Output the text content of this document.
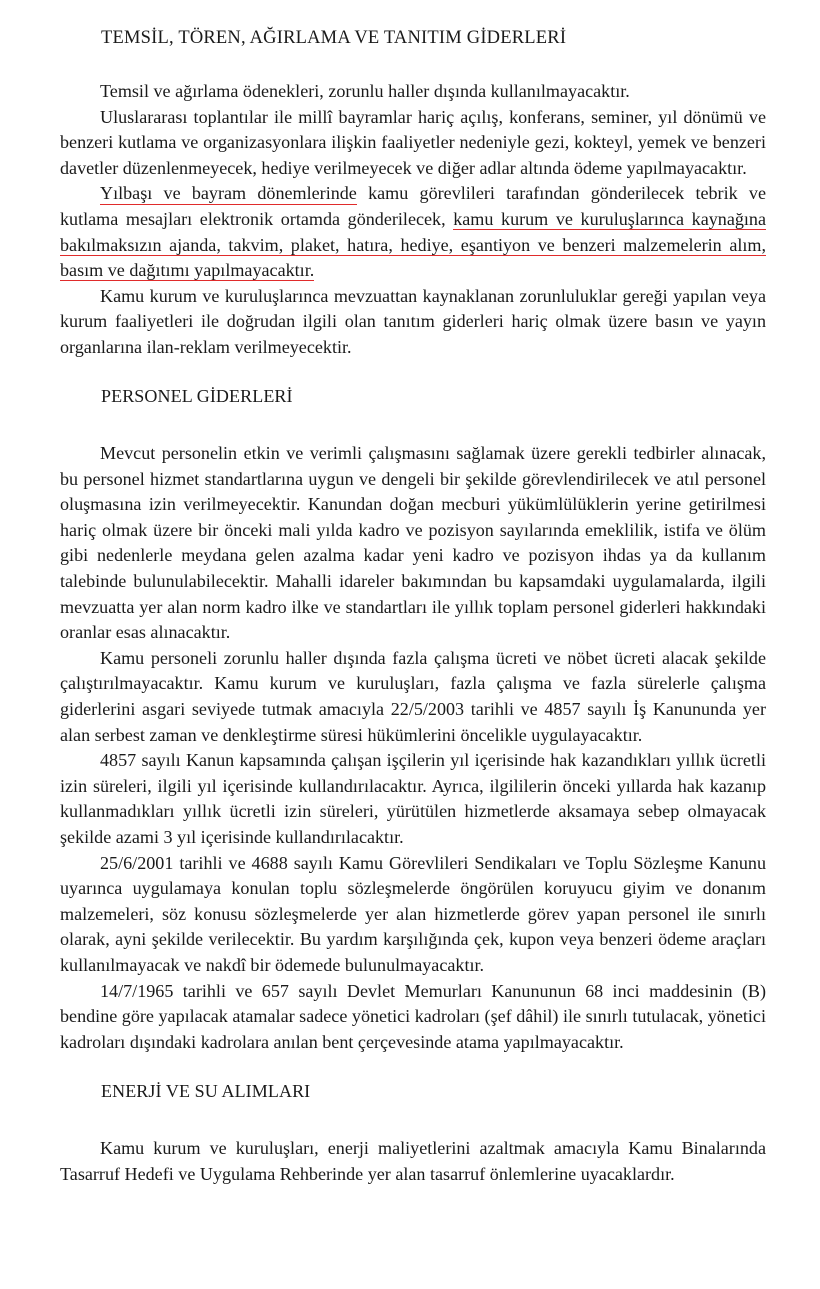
TEMSİL, TÖREN, AĞIRLAMA VE TANITIM GİDERLERİ

Temsil ve ağırlama ödenekleri, zorunlu haller dışında kullanılmayacaktır.

Uluslararası toplantılar ile millî bayramlar hariç açılış, konferans, seminer, yıl dönümü ve benzeri kutlama ve organizasyonlara ilişkin faaliyetler nedeniyle gezi, kokteyl, yemek ve benzeri davetler düzenlenmeyecek, hediye verilmeyecek ve diğer adlar altında ödeme yapılmayacaktır.

Yılbaşı ve bayram dönemlerinde kamu görevlileri tarafından gönderilecek tebrik ve kutlama mesajları elektronik ortamda gönderilecek, kamu kurum ve kuruluşlarınca kaynağına bakılmaksızın ajanda, takvim, plaket, hatıra, hediye, eşantiyon ve benzeri malzemelerin alım, basım ve dağıtımı yapılmayacaktır.

Kamu kurum ve kuruluşlarınca mevzuattan kaynaklanan zorunluluklar gereği yapılan veya kurum faaliyetleri ile doğrudan ilgili olan tanıtım giderleri hariç olmak üzere basın ve yayın organlarına ilan-reklam verilmeyecektir.

PERSONEL GİDERLERİ

Mevcut personelin etkin ve verimli çalışmasını sağlamak üzere gerekli tedbirler alınacak, bu personel hizmet standartlarına uygun ve dengeli bir şekilde görevlendirilecek ve atıl personel oluşmasına izin verilmeyecektir. Kanundan doğan mecburi yükümlülüklerin yerine getirilmesi hariç olmak üzere bir önceki mali yılda kadro ve pozisyon sayılarında emeklilik, istifa ve ölüm gibi nedenlerle meydana gelen azalma kadar yeni kadro ve pozisyon ihdas ya da kullanım talebinde bulunulabilecektir. Mahalli idareler bakımından bu kapsamdaki uygulamalarda, ilgili mevzuatta yer alan norm kadro ilke ve standartları ile yıllık toplam personel giderleri hakkındaki oranlar esas alınacaktır.

Kamu personeli zorunlu haller dışında fazla çalışma ücreti ve nöbet ücreti alacak şekilde çalıştırılmayacaktır. Kamu kurum ve kuruluşları, fazla çalışma ve fazla sürelerle çalışma giderlerini asgari seviyede tutmak amacıyla 22/5/2003 tarihli ve 4857 sayılı İş Kanununda yer alan serbest zaman ve denkleştirme süresi hükümlerini öncelikle uygulayacaktır.

4857 sayılı Kanun kapsamında çalışan işçilerin yıl içerisinde hak kazandıkları yıllık ücretli izin süreleri, ilgili yıl içerisinde kullandırılacaktır. Ayrıca, ilgililerin önceki yıllarda hak kazanıp kullanmadıkları yıllık ücretli izin süreleri, yürütülen hizmetlerde aksamaya sebep olmayacak şekilde azami 3 yıl içerisinde kullandırılacaktır.

25/6/2001 tarihli ve 4688 sayılı Kamu Görevlileri Sendikaları ve Toplu Sözleşme Kanunu uyarınca uygulamaya konulan toplu sözleşmelerde öngörülen koruyucu giyim ve donanım malzemeleri, söz konusu sözleşmelerde yer alan hizmetlerde görev yapan personel ile sınırlı olarak, ayni şekilde verilecektir. Bu yardım karşılığında çek, kupon veya benzeri ödeme araçları kullanılmayacak ve nakdî bir ödemede bulunulmayacaktır.

14/7/1965 tarihli ve 657 sayılı Devlet Memurları Kanununun 68 inci maddesinin (B) bendine göre yapılacak atamalar sadece yönetici kadroları (şef dâhil) ile sınırlı tutulacak, yönetici kadroları dışındaki kadrolara anılan bent çerçevesinde atama yapılmayacaktır.

ENERJİ VE SU ALIMLARI

Kamu kurum ve kuruluşları, enerji maliyetlerini azaltmak amacıyla Kamu Binalarında Tasarruf Hedefi ve Uygulama Rehberinde yer alan tasarruf önlemlerine uyacaklardır.
